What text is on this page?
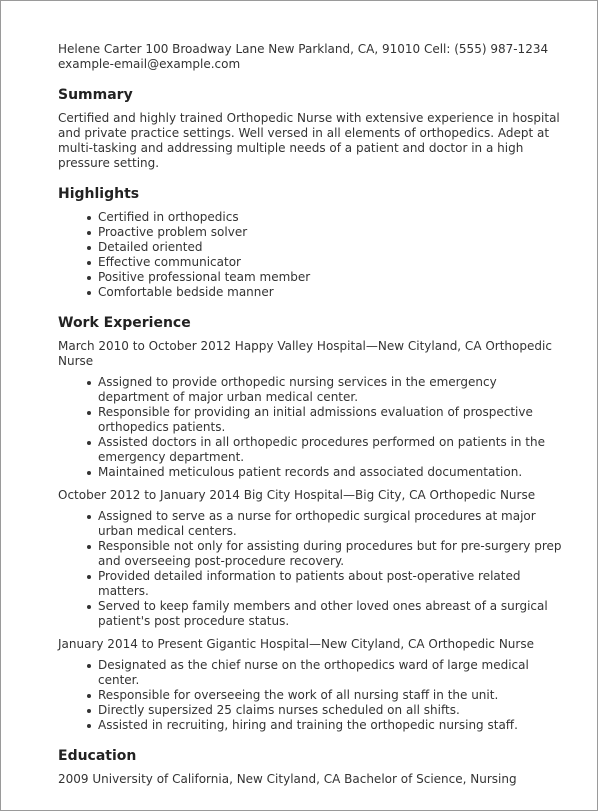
Helene Carter 100 Broadway Lane New Parkland, CA, 91010 Cell: (555) 987-1234 example-email@example.com

Summary

Certified and highly trained Orthopedic Nurse with extensive experience in hospital and private practice settings. Well versed in all elements of orthopedics. Adept at multi-tasking and addressing multiple needs of a patient and doctor in a high pressure setting.

Highlights
Certified in orthopedics
Proactive problem solver
Detailed oriented
Effective communicator
Positive professional team member
Comfortable bedside manner
Work Experience

March 2010 to October 2012 Happy Valley Hospital—New Cityland, CA Orthopedic Nurse

Assigned to provide orthopedic nursing services in the emergency department of major urban medical center.
Responsible for providing an initial admissions evaluation of prospective orthopedics patients.
Assisted doctors in all orthopedic procedures performed on patients in the emergency department.
Maintained meticulous patient records and associated documentation.

October 2012 to January 2014 Big City Hospital—Big City, CA Orthopedic Nurse

Assigned to serve as a nurse for orthopedic surgical procedures at major urban medical centers.
Responsible not only for assisting during procedures but for pre-surgery prep and overseeing post-procedure recovery.
Provided detailed information to patients about post-operative related matters.
Served to keep family members and other loved ones abreast of a surgical patient's post procedure status.

January 2014 to Present Gigantic Hospital—New Cityland, CA Orthopedic Nurse

Designated as the chief nurse on the orthopedics ward of large medical center.
Responsible for overseeing the work of all nursing staff in the unit.
Directly supersized 25 claims nurses scheduled on all shifts.
Assisted in recruiting, hiring and training the orthopedic nursing staff.
Education

2009 University of California, New Cityland, CA Bachelor of Science, Nursing
